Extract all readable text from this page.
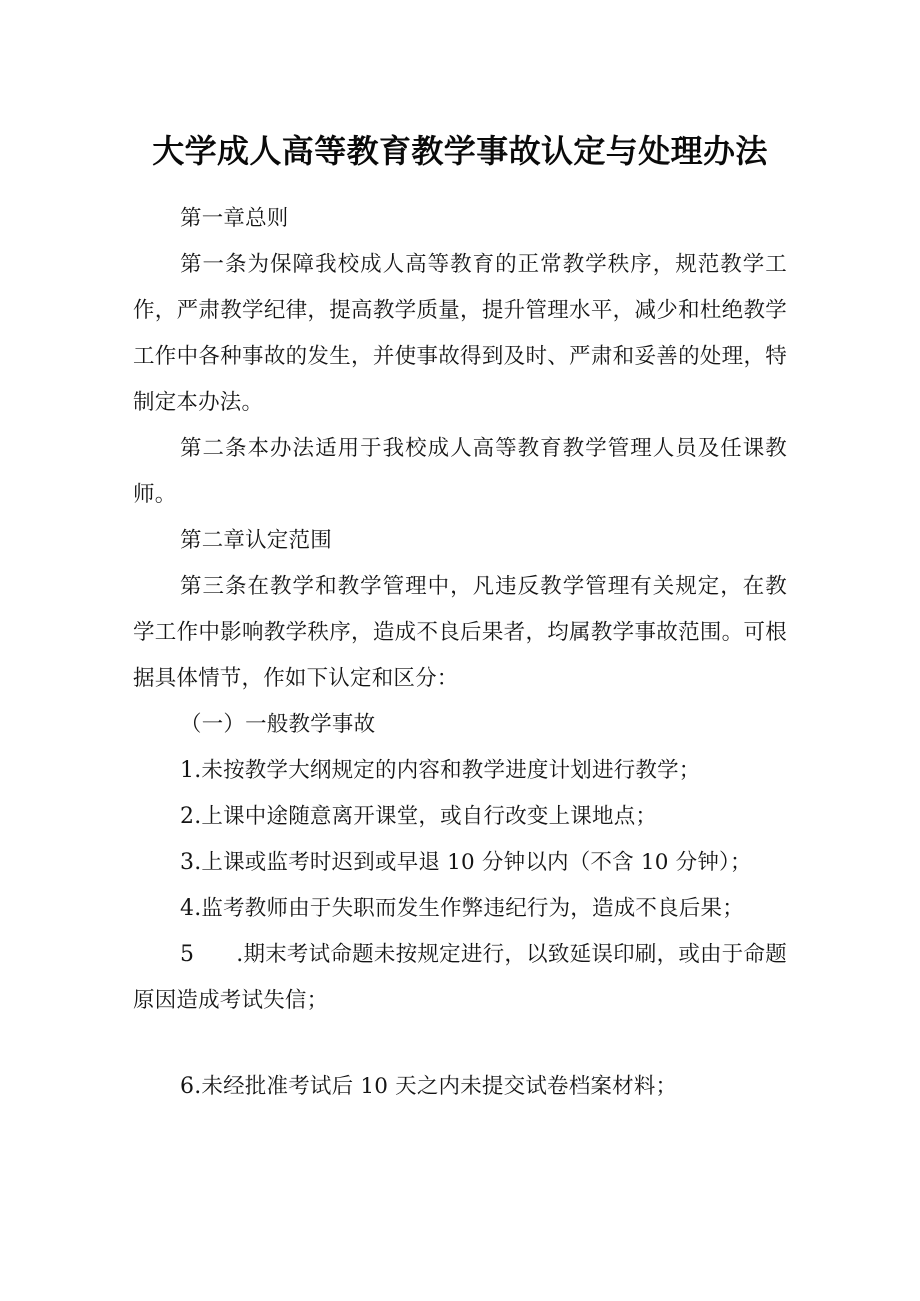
大学成人高等教育教学事故认定与处理办法

第一章总则

第一条为保障我校成人高等教育的正常教学秩序，规范教学工作，严肃教学纪律，提高教学质量，提升管理水平，减少和杜绝教学工作中各种事故的发生，并使事故得到及时、严肃和妥善的处理，特制定本办法。

第二条本办法适用于我校成人高等教育教学管理人员及任课教师。

第二章认定范围

第三条在教学和教学管理中，凡违反教学管理有关规定，在教学工作中影响教学秩序，造成不良后果者，均属教学事故范围。可根据具体情节，作如下认定和区分：

（一）一般教学事故

1.未按教学大纲规定的内容和教学进度计划进行教学；

2.上课中途随意离开课堂，或自行改变上课地点；

3.上课或监考时迟到或早退 10 分钟以内（不含 10 分钟）；

4.监考教师由于失职而发生作弊违纪行为，造成不良后果；

5 .期末考试命题未按规定进行，以致延误印刷，或由于命题原因造成考试失信；

6.未经批准考试后 10 天之内未提交试卷档案材料；
